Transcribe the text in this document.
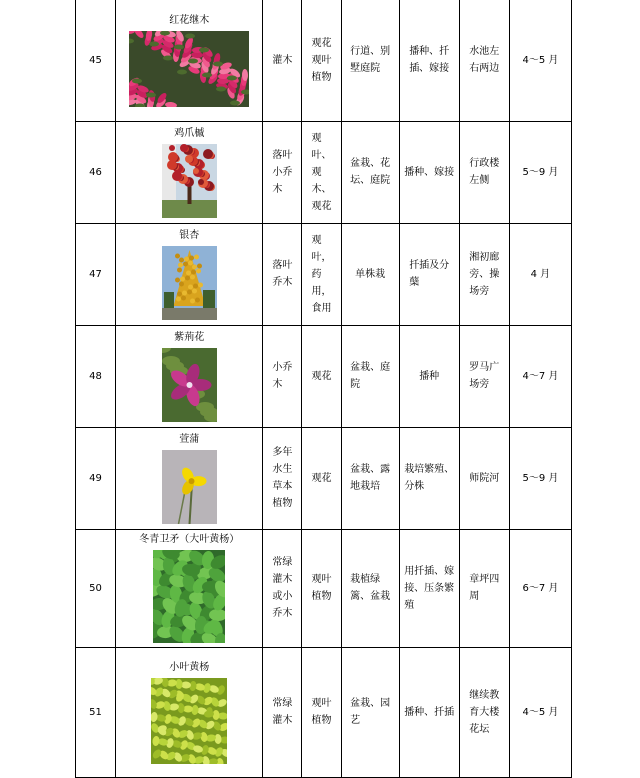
45	红花继木	灌木	观花
观叶
植物	行道、别
墅庭院	播种、扦
插、嫁接	水池左
右两边	4～5 月
46	鸡爪槭	落叶
小乔
木	观
叶、
观
木、
观花	盆栽、花
坛、庭院	播种、嫁接	行政楼
左侧	5～9 月
47	银杏	落叶
乔木	观
叶，
药
用，
食用	单株栽	扦插及分
蘖	湘初廊
旁、操
场旁	4 月
48	紫荊花	小乔
木	观花	盆栽、庭
院	播种	罗马广
场旁	4～7 月
49	萱蒲	多年
水生
草本
植物	观花	盆栽、露
地栽培	栽培繁殖、
分株	师院河	5～9 月
50	冬青卫矛（大叶黄杨）	常绿
灌木
或小
乔木	观叶
植物	栽植绿
篱、盆栽	用扦插、嫁
接、压条繁
殖	章坪四
周	6～7 月
51	小叶黄杨	常绿
灌木	观叶
植物	盆栽、园
艺	播种、扦插	继续教
育大楼
花坛	4～5 月
